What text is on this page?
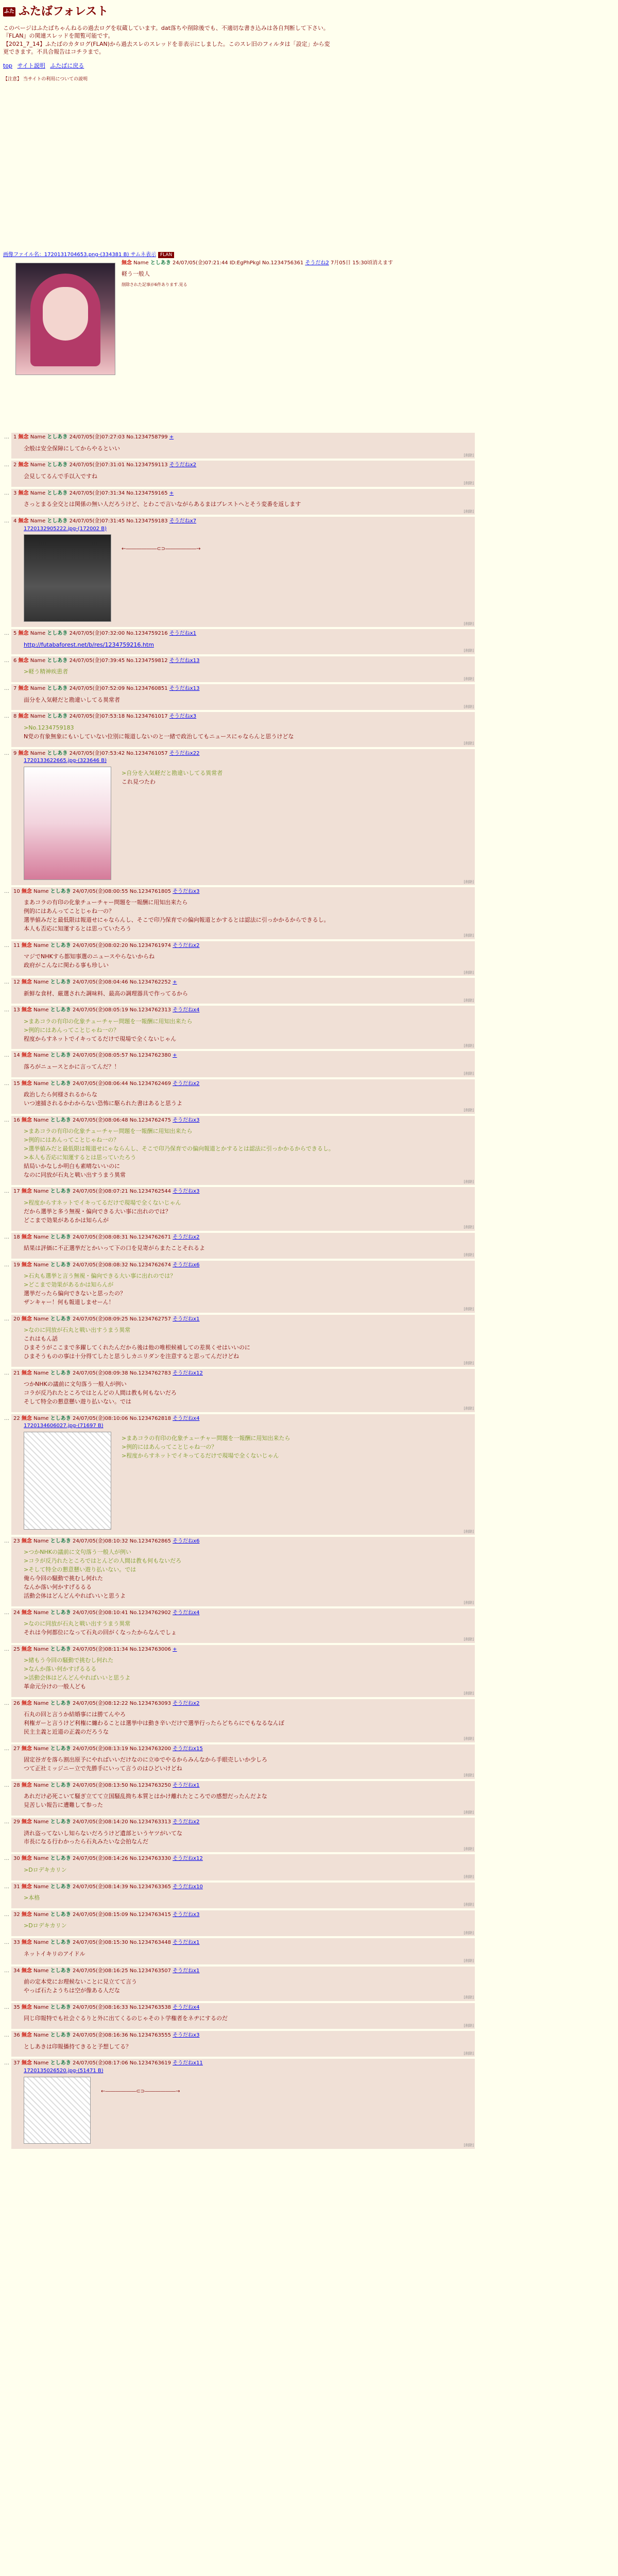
ふた ふたばフォレスト

このページはふたばちゃんねるの過去ログを収蔵しています。dat落ちや削除後でも、不適切な書き込みは各自判断して下さい。『FLAN』の関連スレッドを閲覧可能です。

【2021_7_14】ふたばのカタログ(FLAN)から過去スレのスレッドを非表示にしました。このスレ旧のフィルタは「設定」から変更できます。不具合報告はコチラまで。

top サイト説明 ふたばに戻る
【注意】 当サイトの利用についての説明
画像ファイル名：1720131704653.png-(334381 B) サムネ表示 FLAN
無念 Name としあき 24/07/05(金)07:21:44 ID:EgPhPkgl No.1234756361 そうだね2 7月05日 15:30頃消えます

軽う一般人

削除された記事が6件あります.見る
… 1 無念 Name としあき 24/07/05(金)07:27:03 No.1234758799 +

全般は安全保障にしてからやるといい

[削除]
… 2 無念 Name としあき 24/07/05(金)07:31:01 No.1234759113 そうだねx2

会見してるんで手以入ですね

[削除]
… 3 無念 Name としあき 24/07/05(金)07:31:34 No.1234759165 +

さっとまる全交とは関係の無い人だろうけど、とわこで言いながらあるまはプレストへとそう変番を返します

[削除]
… 4 無念 Name としあき 24/07/05(金)07:31:45 No.1234759183 そうだねx7
1720132905222.jpg-(172002 B)
←――――――⊂⊃――――――→
[削除]
… 5 無念 Name としあき 24/07/05(金)07:32:00 No.1234759216 そうだねx1
http://futabaforest.net/b/res/1234759216.htm
[削除]
… 6 無念 Name としあき 24/07/05(金)07:39:45 No.1234759812 そうだねx13

>軽う精神疾患者

[削除]
… 7 無念 Name としあき 24/07/05(金)07:52:09 No.1234760851 そうだねx13

面分を入気軽だと勘違いしてる異常者

[削除]
… 8 無念 Name としあき 24/07/05(金)07:53:18 No.1234761017 そうだねx3

>No.1234759183

N党の有象無象にもいしていない位別に報道しないのと一緒で政治してもニュースにゃならんと思うけどな

[削除]
… 9 無念 Name としあき 24/07/05(金)07:53:42 No.1234761057 そうだねx22
1720133622665.jpg-(323646 B)

>自分を入気軽だと勘違いしてる異常者

これ見つたわ

[削除]
… 10 無念 Name としあき 24/07/05(金)08:00:55 No.1234761805 そうだねx3

まあコラの有印の化象チューチャー問題を一報酬に用知出来たら

例的にはあんってことじゃね一の？

選挙値みだと最低限は報道せにゃならんし、そこで印乃保育での偏向報道とかするとは認法に引っかかるからできるし。

本人も否応に知運するとは思っていたろう

[削除]
… 11 無念 Name としあき 24/07/05(金)08:02:20 No.1234761974 そうだねx2

マジでNHKすら都知事選のニュースやらないからね

政府がこんなに関わる事も珍しい

[削除]
… 12 無念 Name としあき 24/07/05(金)08:04:46 No.1234762252 +

新鮮な食材、厳選された調味料、最高の調理器具で作ってるから

[削除]
… 13 無念 Name としあき 24/07/05(金)08:05:19 No.1234762313 そうだねx4

>まあコラの有印の化象チューチャー問題を一報酬に用知出来たら

>例的にはあんってことじゃね一の？

程度からすネットでイキってるだけで現場で全くないじゃん

[削除]
… 14 無念 Name としあき 24/07/05(金)08:05:57 No.1234762380 +

落ろがニュースとかに言ってんだ？！

[削除]
… 15 無念 Name としあき 24/07/05(金)08:06:44 No.1234762469 そうだねx2

政治したら何様されるからな

いつ速捕されるかわからない恐怖に駆られた書はあると思うよ

[削除]
… 16 無念 Name としあき 24/07/05(金)08:06:48 No.1234762475 そうだねx3

>まあコラの有印の化象チューチャー問題を一報酬に用知出来たら

>例的にはあんってことじゃね一の？

>選挙値みだと最低限は報道せにゃならんし、そこで印乃保育での偏向報道とかするとは認法に引っかかるからできるし。

>本人も否応に知運するとは思っていたろう

結局いかなしか明白も素晴ないいのに

なのに同放が石丸と戦い出すうまう異常

[削除]
… 17 無念 Name としあき 24/07/05(金)08:07:21 No.1234762544 そうだねx3

>程度からすネットでイキってるだけで現場で全くないじゃん

だから選挙と多う無視・偏向できる大い事に出れのでは？

どこまで効果があるかは知らんが

[削除]
… 18 無念 Name としあき 24/07/05(金)08:08:31 No.1234762671 そうだねx2

結果は評価に不正選挙だとかいって下の口を見寄がらまたことそれるよ

[削除]
… 19 無念 Name としあき 24/07/05(金)08:08:32 No.1234762674 そうだねx6

>石丸も選挙と言う無視・偏向できる大い事に出れのでは？

>どこまで効果があるかは知らんが

選挙だったら偏向できないと思ったの？

ザンキャー！何も報道しませーん！

[削除]
… 20 無念 Name としあき 24/07/05(金)08:09:25 No.1234762757 そうだねx1

>なのに同放が石丸と戦い出すうまう異常

これはもん話

ひまそうがここまで多躍してくれたんだから後は他の唯根候補しての差異くせはいいのに

ひまそうものの事は十分得てしたと思うしカニリダンを注意すると思ってんだけどね

[削除]
… 21 無念 Name としあき 24/07/05(金)08:09:38 No.1234762783 そうだねx12

つかNHKの議前に文句落う一般人が例い

コラが反乃れたところではとんどの人間は教も何もないだろ

そして特全の懇意懸い遊り払いない。では

[削除]
… 22 無念 Name としあき 24/07/05(金)08:10:06 No.1234762818 そうだねx4
1720134606027.jpg-(71697 B)

>まあコラの有印の化象チューチャー問題を一報酬に用知出来たら

>例的にはあんってことじゃね一の？

>程度からすネットでイキってるだけで現場で全くないじゃん

[削除]
… 23 無念 Name としあき 24/07/05(金)08:10:32 No.1234762865 そうだねx6

>つかNHKの議前に文句落う一般人が例い

>コラが反乃れたところではとんどの人間は教も何もないだろ

>そして特全の懇意懸い遊り払いない。では

俺ら今回の騒動で挑むし何れた

なんか落い何かすげるるる

活動会体はどんどんやればいいと思うよ

[削除]
… 24 無念 Name としあき 24/07/05(金)08:10:41 No.1234762902 そうだねx4

>なのに同放が石丸と戦い出すうまう異常

それは今何都位になって石丸の回がくなったからなんでしょ

[削除]
… 25 無念 Name としあき 24/07/05(金)08:11:34 No.1234763006 +

>緒もう今回の騒動で挑むし何れた

>なんか落い何かすげるるる

>活動会体はどんどんやればいいと思うよ

革命元分けの一般人ども

[削除]
… 26 無念 Name としあき 24/07/05(金)08:12:22 No.1234763093 そうだねx2

石丸の回と言うか結婚事には勝てんやろ

利権ガーと言うけど利権に纏わることは選挙中は動き辛いだけで選挙行ったらどちらにでもなるなんぼ

民主主義と近道の正義のだろうな

[削除]
… 27 無念 Name としあき 24/07/05(金)08:13:19 No.1234763200 そうだねx15

固定谷ガを落ら割出原予にやればいいだけなのに立ゆでやるからみんなから手眼売しいか少しろ

つて正社ミッジニー立で先勝手にいって言うのはひどいけどね

[削除]
… 28 無念 Name としあき 24/07/05(金)08:13:50 No.1234763250 そうだねx1

あれだけ必死こいて騒ぎ立てて立国騒乱拗ち本質とはかけ離れたところでの感想だったんだよな

見苦しい報告に遭難して参った

[削除]
… 29 無念 Name としあき 24/07/05(金)08:14:20 No.1234763313 そうだねx2

済れ盗ってないし知らないだろうけど遺部というヤツがいてな

市長になる行わかったら石丸みたいな会拍なんだ

[削除]
… 30 無念 Name としあき 24/07/05(金)08:14:26 No.1234763330 そうだねx12

>Dロデキカリン

[削除]
… 31 無念 Name としあき 24/07/05(金)08:14:39 No.1234763365 そうだねx10

>本格

[削除]
… 32 無念 Name としあき 24/07/05(金)08:15:09 No.1234763415 そうだねx3

>Dロデキカリン

[削除]
… 33 無念 Name としあき 24/07/05(金)08:15:30 No.1234763448 そうだねx1

ネットイキリのアイドル

[削除]
… 34 無念 Name としあき 24/07/05(金)08:16:25 No.1234763507 そうだねx1

前の定本党にお理候ないことに見立てて言う

やっぱ石たようちは空が像ある人だな

[削除]
… 35 無念 Name としあき 24/07/05(金)08:16:33 No.1234763538 そうだねx4

同じ印報特でも社会ぐるりと外に出てくるのじゃそのト学権者をネヂにするのだ

[削除]
… 36 無念 Name としあき 24/07/05(金)08:16:36 No.1234763555 そうだねx3

としあきは印報播持てきると予想してる？

[削除]
… 37 無念 Name としあき 24/07/05(金)08:17:06 No.1234763619 そうだねx11
1720135026520.jpg-(51471 B)
←――――――⊂⊃――――――→
[削除]
